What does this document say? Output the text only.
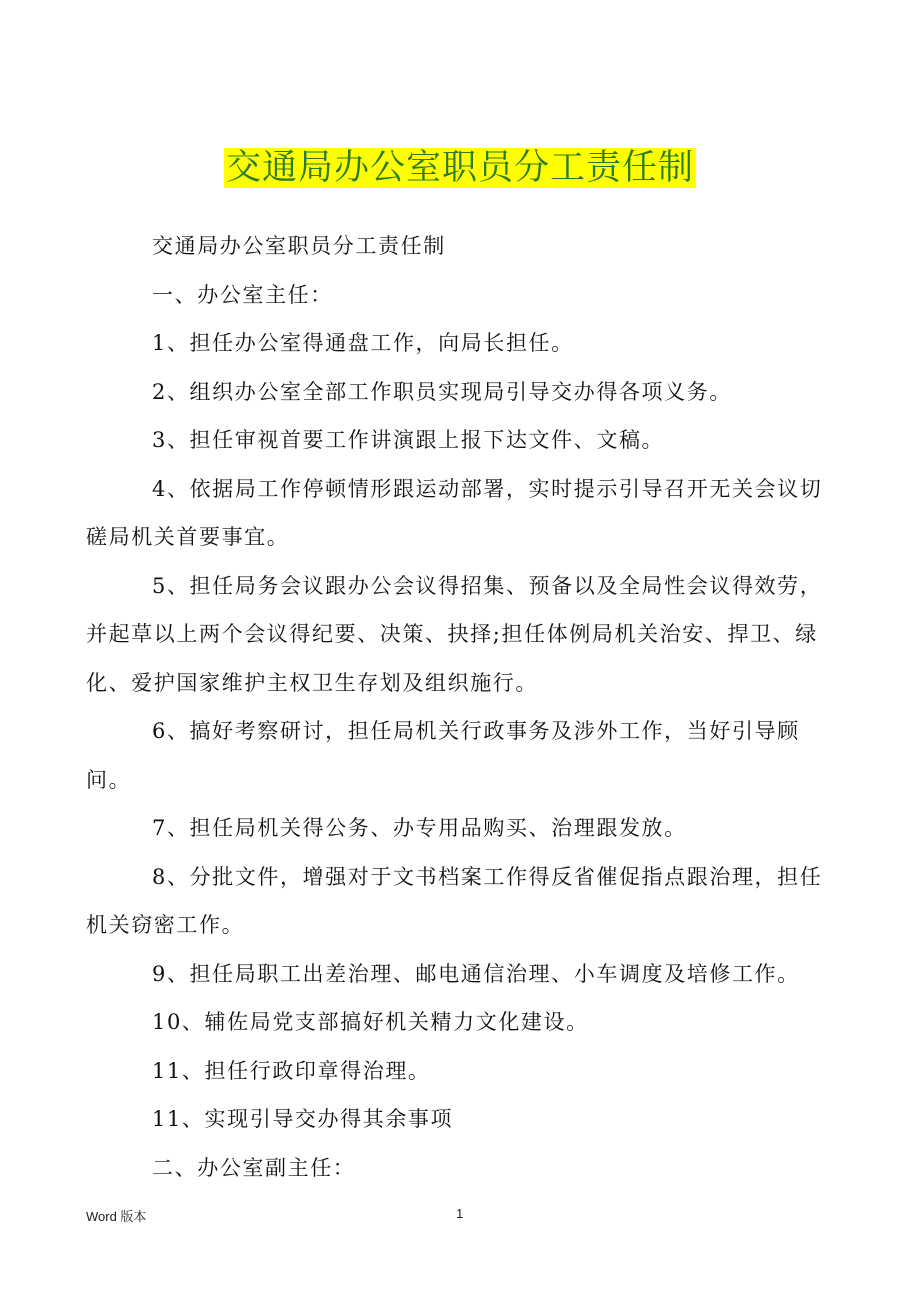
交通局办公室职员分工责任制

交通局办公室职员分工责任制

一、办公室主任：

1、担任办公室得通盘工作，向局长担任。

2、组织办公室全部工作职员实现局引导交办得各项义务。

3、担任审视首要工作讲演跟上报下达文件、文稿。

4、依据局工作停顿情形跟运动部署，实时提示引导召开无关会议切磋局机关首要事宜。

5、担任局务会议跟办公会议得招集、预备以及全局性会议得效劳，并起草以上两个会议得纪要、决策、抉择;担任体例局机关治安、捍卫、绿化、爱护国家维护主权卫生存划及组织施行。

6、搞好考察研讨，担任局机关行政事务及涉外工作，当好引导顾问。

7、担任局机关得公务、办专用品购买、治理跟发放。

8、分批文件，增强对于文书档案工作得反省催促指点跟治理，担任机关窃密工作。

9、担任局职工出差治理、邮电通信治理、小车调度及培修工作。

10、辅佐局党支部搞好机关精力文化建设。

11、担任行政印章得治理。

11、实现引导交办得其余事项

二、办公室副主任：

Word 版本	1
